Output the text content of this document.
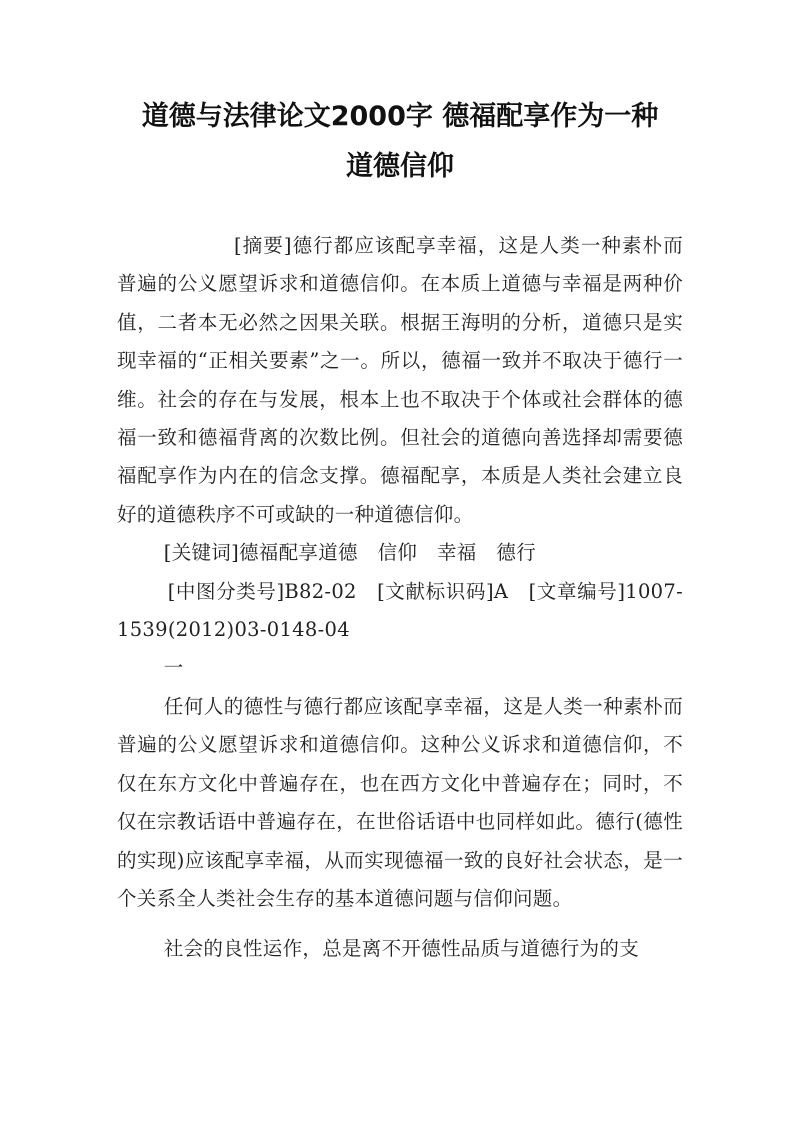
道德与法律论文2000字 德福配享作为一种
道德信仰

[摘要]德行都应该配享幸福，这是人类一种素朴而普遍的公义愿望诉求和道德信仰。在本质上道德与幸福是两种价值，二者本无必然之因果关联。根据王海明的分析，道德只是实现幸福的“正相关要素”之一。所以，德福一致并不取决于德行一维。社会的存在与发展，根本上也不取决于个体或社会群体的德福一致和德福背离的次数比例。但社会的道德向善选择却需要德福配享作为内在的信念支撑。德福配享，本质是人类社会建立良好的道德秩序不可或缺的一种道德信仰。

[关键词]德福配享道德　信仰　幸福　德行

[中图分类号]B82-02　[文献标识码]A　[文章编号]1007-1539(2012)03-0148-04

一

任何人的德性与德行都应该配享幸福，这是人类一种素朴而普遍的公义愿望诉求和道德信仰。这种公义诉求和道德信仰，不仅在东方文化中普遍存在，也在西方文化中普遍存在；同时，不仅在宗教话语中普遍存在，在世俗话语中也同样如此。德行(德性的实现)应该配享幸福，从而实现德福一致的良好社会状态，是一个关系全人类社会生存的基本道德问题与信仰问题。

社会的良性运作，总是离不开德性品质与道德行为的支
